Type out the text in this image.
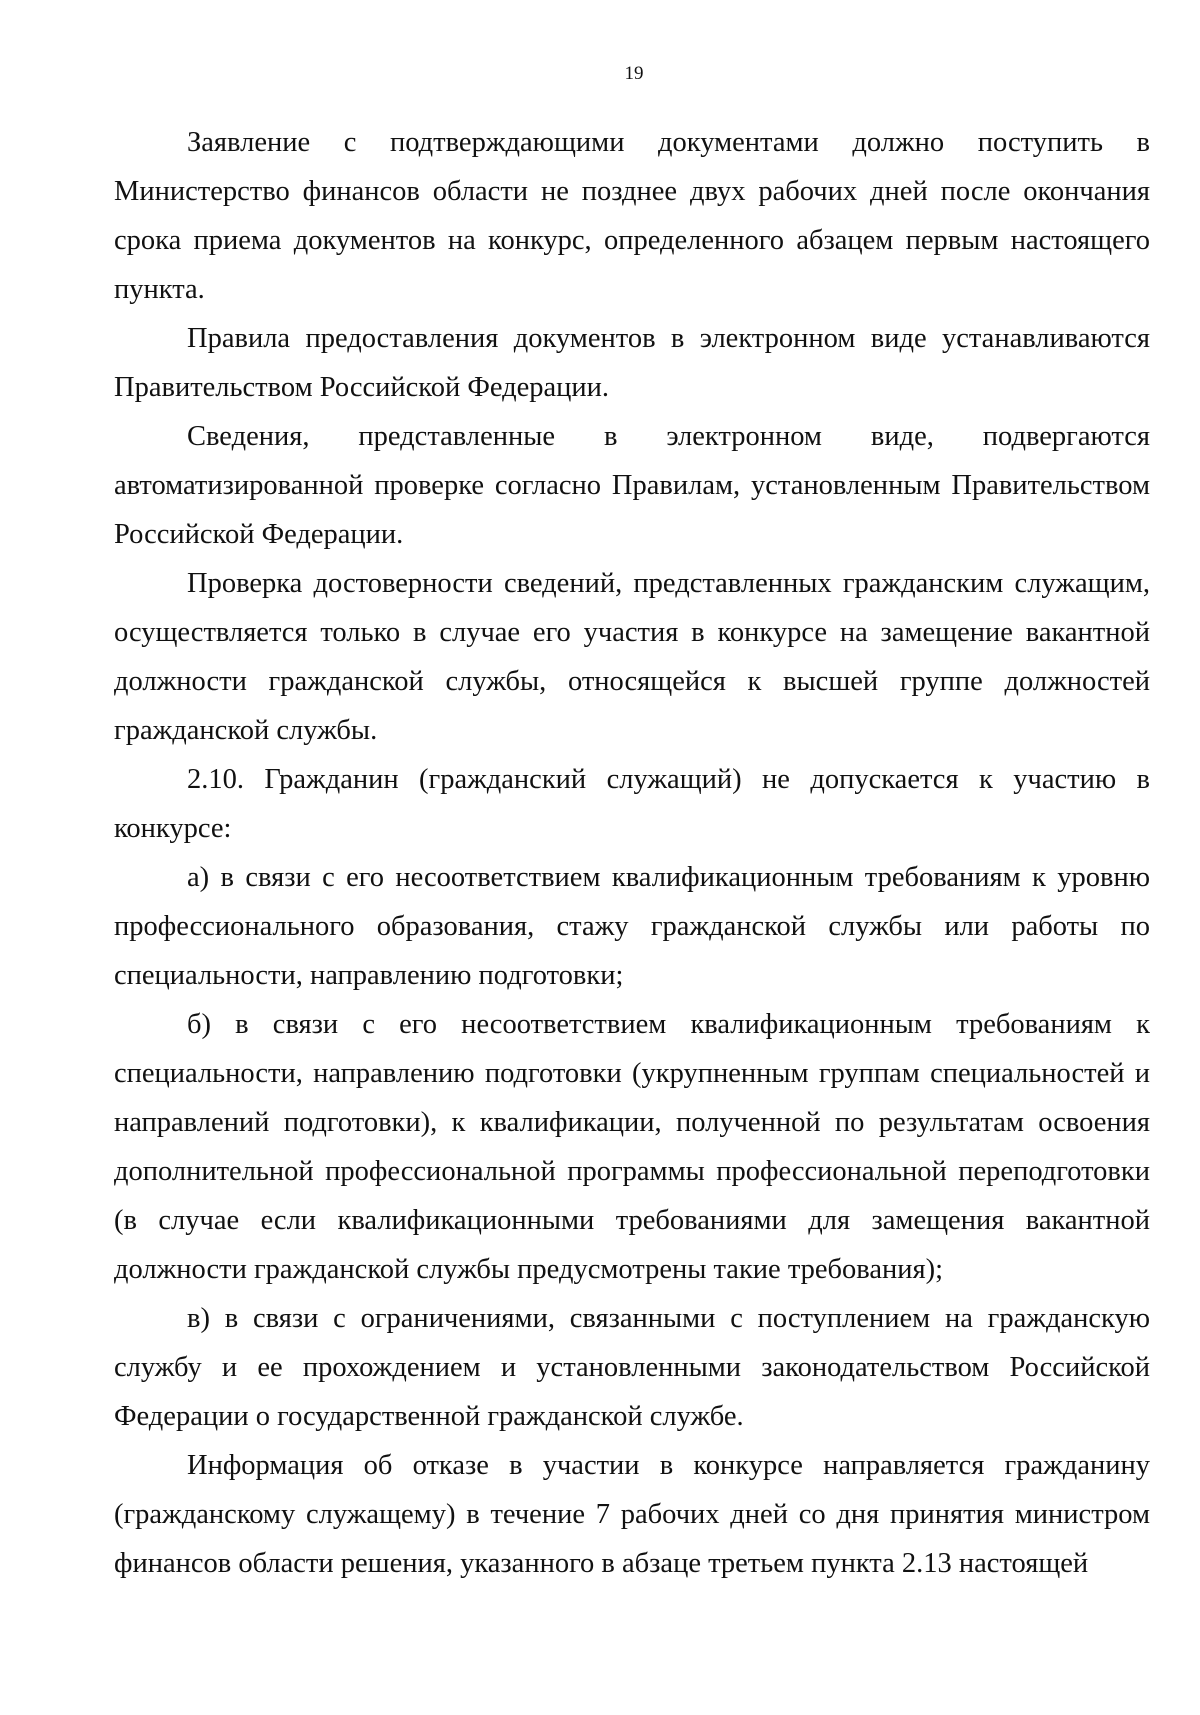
19

Заявление с подтверждающими документами должно поступить в Министерство финансов области не позднее двух рабочих дней после окончания срока приема документов на конкурс, определенного абзацем первым настоящего пункта.

Правила предоставления документов в электронном виде устанавливаются Правительством Российской Федерации.

Сведения, представленные в электронном виде, подвергаются автоматизированной проверке согласно Правилам, установленным Правительством Российской Федерации.

Проверка достоверности сведений, представленных гражданским служащим, осуществляется только в случае его участия в конкурсе на замещение вакантной должности гражданской службы, относящейся к высшей группе должностей гражданской службы.

2.10. Гражданин (гражданский служащий) не допускается к участию в конкурсе:

а) в связи с его несоответствием квалификационным требованиям к уровню профессионального образования, стажу гражданской службы или работы по специальности, направлению подготовки;

б) в связи с его несоответствием квалификационным требованиям к специальности, направлению подготовки (укрупненным группам специальностей и направлений подготовки), к квалификации, полученной по результатам освоения дополнительной профессиональной программы профессиональной переподготовки (в случае если квалификационными требованиями для замещения вакантной должности гражданской службы предусмотрены такие требования);

в) в связи с ограничениями, связанными с поступлением на гражданскую службу и ее прохождением и установленными законодательством Российской Федерации о государственной гражданской службе.

Информация об отказе в участии в конкурсе направляется гражданину (гражданскому служащему) в течение 7 рабочих дней со дня принятия министром финансов области решения, указанного в абзаце третьем пункта 2.13 настоящей
